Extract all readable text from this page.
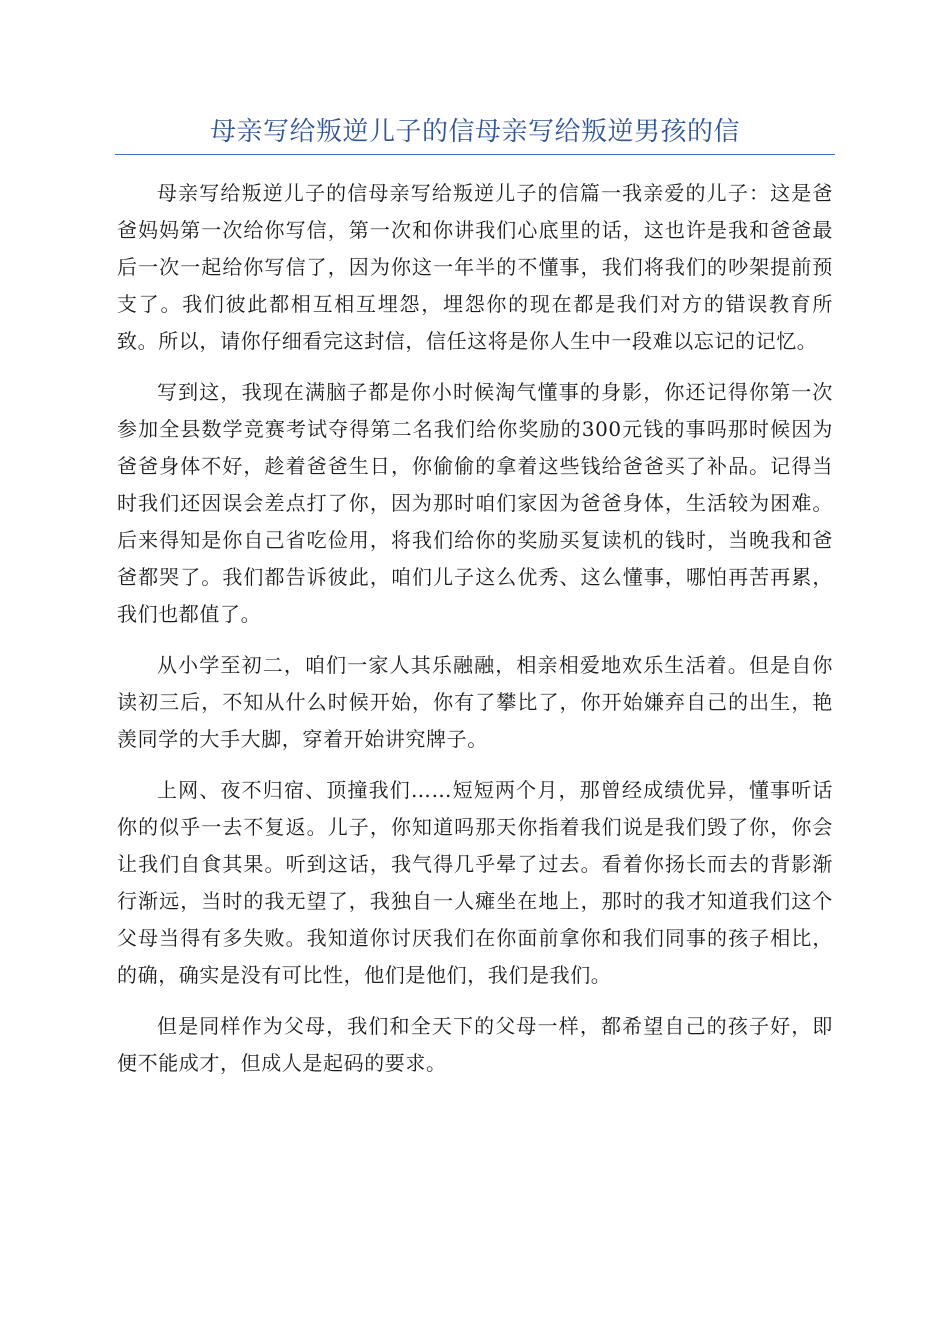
母亲写给叛逆儿子的信母亲写给叛逆男孩的信

母亲写给叛逆儿子的信母亲写给叛逆儿子的信篇一我亲爱的儿子：这是爸爸妈妈第一次给你写信，第一次和你讲我们心底里的话，这也许是我和爸爸最后一次一起给你写信了，因为你这一年半的不懂事，我们将我们的吵架提前预支了。我们彼此都相互相互埋怨，埋怨你的现在都是我们对方的错误教育所致。所以，请你仔细看完这封信，信任这将是你人生中一段难以忘记的记忆。

写到这，我现在满脑子都是你小时候淘气懂事的身影，你还记得你第一次参加全县数学竞赛考试夺得第二名我们给你奖励的300元钱的事吗那时候因为爸爸身体不好，趁着爸爸生日，你偷偷的拿着这些钱给爸爸买了补品。记得当时我们还因误会差点打了你，因为那时咱们家因为爸爸身体，生活较为困难。后来得知是你自己省吃俭用，将我们给你的奖励买复读机的钱时，当晚我和爸爸都哭了。我们都告诉彼此，咱们儿子这么优秀、这么懂事，哪怕再苦再累，我们也都值了。

从小学至初二，咱们一家人其乐融融，相亲相爱地欢乐生活着。但是自你读初三后，不知从什么时候开始，你有了攀比了，你开始嫌弃自己的出生，艳羡同学的大手大脚，穿着开始讲究牌子。

上网、夜不归宿、顶撞我们……短短两个月，那曾经成绩优异，懂事听话你的似乎一去不复返。儿子，你知道吗那天你指着我们说是我们毁了你，你会让我们自食其果。听到这话，我气得几乎晕了过去。看着你扬长而去的背影渐行渐远，当时的我无望了，我独自一人瘫坐在地上，那时的我才知道我们这个父母当得有多失败。我知道你讨厌我们在你面前拿你和我们同事的孩子相比，的确，确实是没有可比性，他们是他们，我们是我们。

但是同样作为父母，我们和全天下的父母一样，都希望自己的孩子好，即便不能成才，但成人是起码的要求。
